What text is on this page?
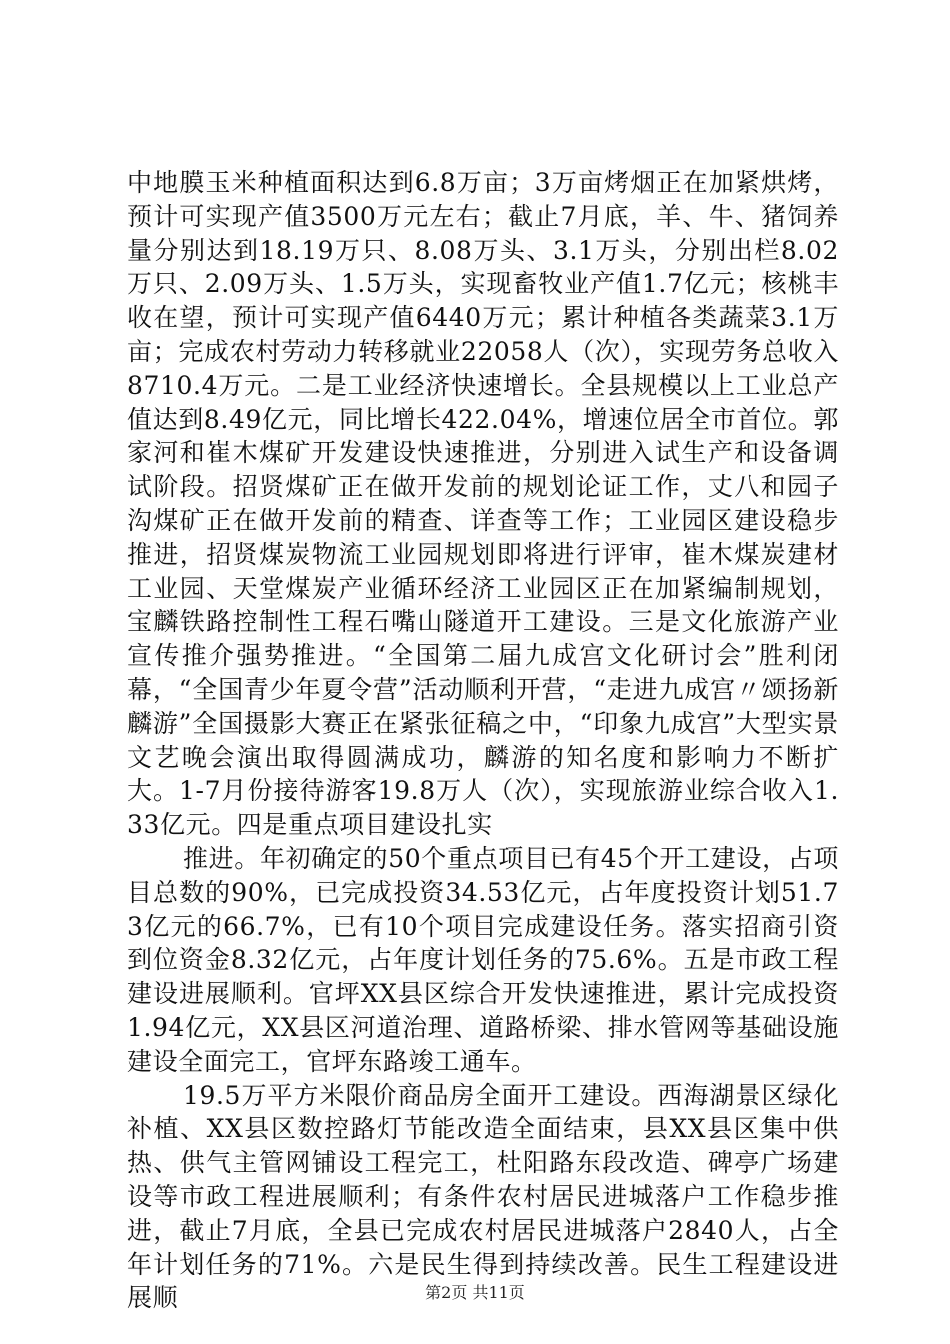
中地膜玉米种植面积达到6.8万亩；3万亩烤烟正在加紧烘烤，预计可实现产值3500万元左右；截止7月底，羊、牛、猪饲养量分别达到18.19万只、8.08万头、3.1万头，分别出栏8.02万只、2.09万头、1.5万头，实现畜牧业产值1.7亿元；核桃丰收在望，预计可实现产值6440万元；累计种植各类蔬菜3.1万亩；完成农村劳动力转移就业22058人（次），实现劳务总收入8710.4万元。二是工业经济快速增长。全县规模以上工业总产值达到8.49亿元，同比增长422.04%，增速位居全市首位。郭家河和崔木煤矿开发建设快速推进，分别进入试生产和设备调试阶段。招贤煤矿正在做开发前的规划论证工作，丈八和园子沟煤矿正在做开发前的精查、详查等工作；工业园区建设稳步推进，招贤煤炭物流工业园规划即将进行评审，崔木煤炭建材工业园、天堂煤炭产业循环经济工业园区正在加紧编制规划，宝麟铁路控制性工程石嘴山隧道开工建设。三是文化旅游产业宣传推介强势推进。“全国第二届九成宫文化研讨会”胜利闭幕，“全国青少年夏令营”活动顺利开营，“走进九成宫〃颂扬新麟游”全国摄影大赛正在紧张征稿之中，“印象九成宫”大型实景文艺晚会演出取得圆满成功，麟游的知名度和影响力不断扩大。1-7月份接待游客19.8万人（次），实现旅游业综合收入1.33亿元。四是重点项目建设扎实

推进。年初确定的50个重点项目已有45个开工建设，占项目总数的90%，已完成投资34.53亿元，占年度投资计划51.73亿元的66.7%，已有10个项目完成建设任务。落实招商引资到位资金8.32亿元，占年度计划任务的75.6%。五是市政工程建设进展顺利。官坪XX县区综合开发快速推进，累计完成投资1.94亿元，XX县区河道治理、道路桥梁、排水管网等基础设施建设全面完工，官坪东路竣工通车。

19.5万平方米限价商品房全面开工建设。西海湖景区绿化补植、XX县区数控路灯节能改造全面结束，县XX县区集中供热、供气主管网铺设工程完工，杜阳路东段改造、碑亭广场建设等市政工程进展顺利；有条件农村居民进城落户工作稳步推进，截止7月底，全县已完成农村居民进城落户2840人，占全年计划任务的71%。六是民生得到持续改善。民生工程建设进展顺	第2页 共11页
